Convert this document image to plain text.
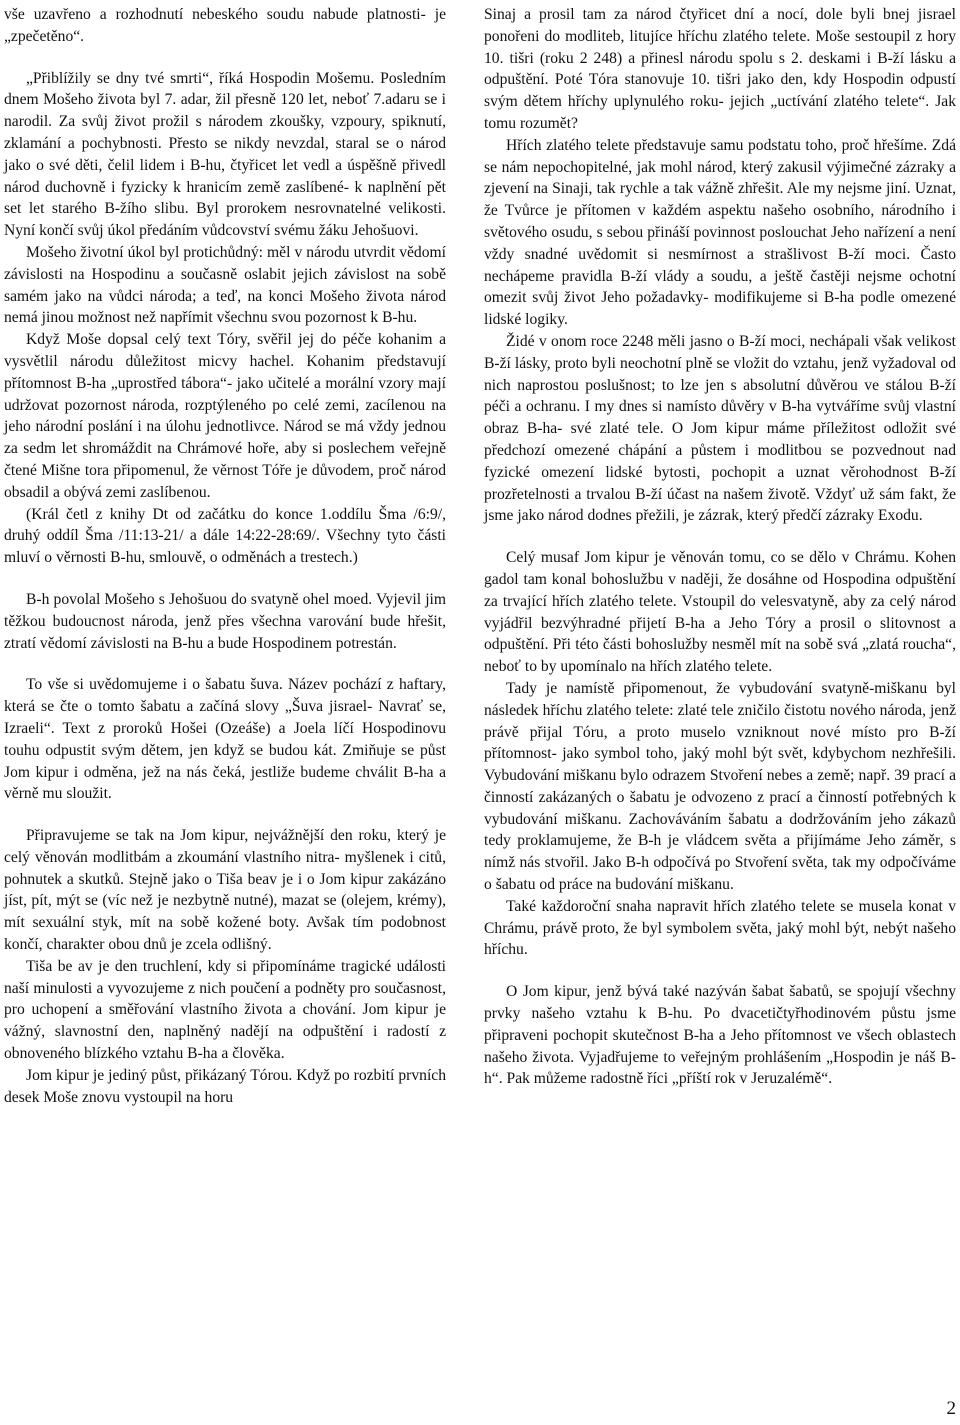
vše uzavřeno a rozhodnutí nebeského soudu nabude platnosti- je „zpečetěno“.

„Přiblížily se dny tvé smrti“, říká Hospodin Mošemu. Posledním dnem Mošeho života byl 7. adar, žil přesně 120 let, neboť 7.adaru se i narodil. Za svůj život prožil s národem zkoušky, vzpoury, spiknutí, zklamání a pochybnosti. Přesto se nikdy nevzdal, staral se o národ jako o své děti, čelil lidem i B-hu, čtyřicet let vedl a úspěšně přivedl národ duchovně i fyzicky k hranicím země zaslíbené- k naplnění pět set let starého B-žího slibu. Byl prorokem nesrovnatelné velikosti. Nyní končí svůj úkol předáním vůdcovství svému žáku Jehošuovi.

Mošeho životní úkol byl protichůdný: měl v národu utvrdit vědomí závislosti na Hospodinu a současně oslabit jejich závislost na sobě samém jako na vůdci národa; a teď, na konci Mošeho života národ nemá jinou možnost než napřímit všechnu svou pozornost k B-hu.

Když Moše dopsal celý text Tóry, svěřil jej do péče kohanim a vysvětlil národu důležitost micvy hachel. Kohanim představují přítomnost B-ha „uprostřed tábora“- jako učitelé a morální vzory mají udržovat pozornost národa, rozptýleného po celé zemi, zacílenou na jeho národní poslání i na úlohu jednotlivce. Národ se má vždy jednou za sedm let shromáždit na Chrámové hoře, aby si poslechem veřejně čtené Mišne tora připomenul, že věrnost Tóře je důvodem, proč národ obsadil a obývá zemi zaslíbenou.

(Král četl z knihy Dt od začátku do konce 1.oddílu Šma /6:9/, druhý oddíl Šma /11:13-21/ a dále 14:22-28:69/. Všechny tyto části mluví o věrnosti B-hu, smlouvě, o odměnách a trestech.)

B-h povolal Mošeho s Jehošuou do svatyně ohel moed. Vyjevil jim těžkou budoucnost národa, jenž přes všechna varování bude hřešit, ztratí vědomí závislosti na B-hu a bude Hospodinem potrestán.

To vše si uvědomujeme i o šabatu šuva. Název pochází z haftary, která se čte o tomto šabatu a začíná slovy „Šuva jisrael- Navrať se, Izraeli“. Text z proroků Hošei (Ozeáše) a Joela líčí Hospodinovu touhu odpustit svým dětem, jen když se budou kát. Zmiňuje se půst Jom kipur i odměna, jež na nás čeká, jestliže budeme chválit B-ha a věrně mu sloužit.

Připravujeme se tak na Jom kipur, nejvážnější den roku, který je celý věnován modlitbám a zkoumání vlastního nitra- myšlenek i citů, pohnutek a skutků. Stejně jako o Tiša beav je i o Jom kipur zakázáno jíst, pít, mýt se (víc než je nezbytně nutné), mazat se (olejem, krémy), mít sexuální styk, mít na sobě kožené boty. Avšak tím podobnost končí, charakter obou dnů je zcela odlišný.

Tiša be av je den truchlení, kdy si připomínáme tragické události naší minulosti a vyvozujeme z nich poučení a podněty pro současnost, pro uchopení a směřování vlastního života a chování. Jom kipur je vážný, slavnostní den, naplněný nadějí na odpuštění i radostí z obnoveného blízkého vztahu B-ha a člověka.

Jom kipur je jediný půst, přikázaný Tórou. Když po rozbití prvních desek Moše znovu vystoupil na horu

Sinaj a prosil tam za národ čtyřicet dní a nocí, dole byli bnej jisrael ponořeni do modliteb, litujíce hříchu zlatého telete. Moše sestoupil z hory 10. tišri (roku 2 248) a přinesl národu spolu s 2. deskami i B-ží lásku a odpuštění. Poté Tóra stanovuje 10. tišri jako den, kdy Hospodin odpustí svým dětem hříchy uplynulého roku- jejich „uctívání zlatého telete“. Jak tomu rozumět?

Hřích zlatého telete představuje samu podstatu toho, proč hřešíme. Zdá se nám nepochopitelné, jak mohl národ, který zakusil výjimečné zázraky a zjevení na Sinaji, tak rychle a tak vážně zhřešit. Ale my nejsme jiní. Uznat, že Tvůrce je přítomen v každém aspektu našeho osobního, národního i světového osudu, s sebou přináší povinnost poslouchat Jeho nařízení a není vždy snadné uvědomit si nesmírnost a strašlivost B-ží moci. Často nechápeme pravidla B-ží vlády a soudu, a ještě častěji nejsme ochotní omezit svůj život Jeho požadavky- modifikujeme si B-ha podle omezené lidské logiky.

Židé v onom roce 2248 měli jasno o B-ží moci, nechápali však velikost B-ží lásky, proto byli neochotní plně se vložit do vztahu, jenž vyžadoval od nich naprostou poslušnost; to lze jen s absolutní důvěrou ve stálou B-ží péči a ochranu. I my dnes si namísto důvěry v B-ha vytváříme svůj vlastní obraz B-ha- své zlaté tele. O Jom kipur máme příležitost odložit své předchozí omezené chápání a půstem i modlitbou se pozvednout nad fyzické omezení lidské bytosti, pochopit a uznat věrohodnost B-ží prozřetelnosti a trvalou B-ží účast na našem životě. Vždyť už sám fakt, že jsme jako národ dodnes přežili, je zázrak, který předčí zázraky Exodu.

Celý musaf Jom kipur je věnován tomu, co se dělo v Chrámu. Kohen gadol tam konal bohoslužbu v naději, že dosáhne od Hospodina odpuštění za trvající hřích zlatého telete. Vstoupil do velesvatyně, aby za celý národ vyjádřil bezvýhradné přijetí B-ha a Jeho Tóry a prosil o slitovnost a odpuštění. Při této části bohoslužby nesměl mít na sobě svá „zlatá roucha“, neboť to by upomínalo na hřích zlatého telete.

Tady je namístě připomenout, že vybudování svatyně-miškanu byl následek hříchu zlatého telete: zlaté tele zničilo čistotu nového národa, jenž právě přijal Tóru, a proto muselo vzniknout nové místo pro B-ží přítomnost- jako symbol toho, jaký mohl být svět, kdybychom nezhřešili. Vybudování miškanu bylo odrazem Stvoření nebes a země; např. 39 prací a činností zakázaných o šabatu je odvozeno z prací a činností potřebných k vybudování miškanu. Zachováváním šabatu a dodržováním jeho zákazů tedy proklamujeme, že B-h je vládcem světa a přijímáme Jeho záměr, s nímž nás stvořil. Jako B-h odpočívá po Stvoření světa, tak my odpočíváme o šabatu od práce na budování miškanu.

Také každoroční snaha napravit hřích zlatého telete se musela konat v Chrámu, právě proto, že byl symbolem světa, jaký mohl být, nebýt našeho hříchu.

O Jom kipur, jenž bývá také nazýván šabat šabatů, se spojují všechny prvky našeho vztahu k B-hu. Po dvacetičtyřhodinovém půstu jsme připraveni pochopit skutečnost B-ha a Jeho přítomnost ve všech oblastech našeho života. Vyjadřujeme to veřejným prohlášením „Hospodin je náš B-h“. Pak můžeme radostně říci „příští rok v Jeruzalémě“.

2
